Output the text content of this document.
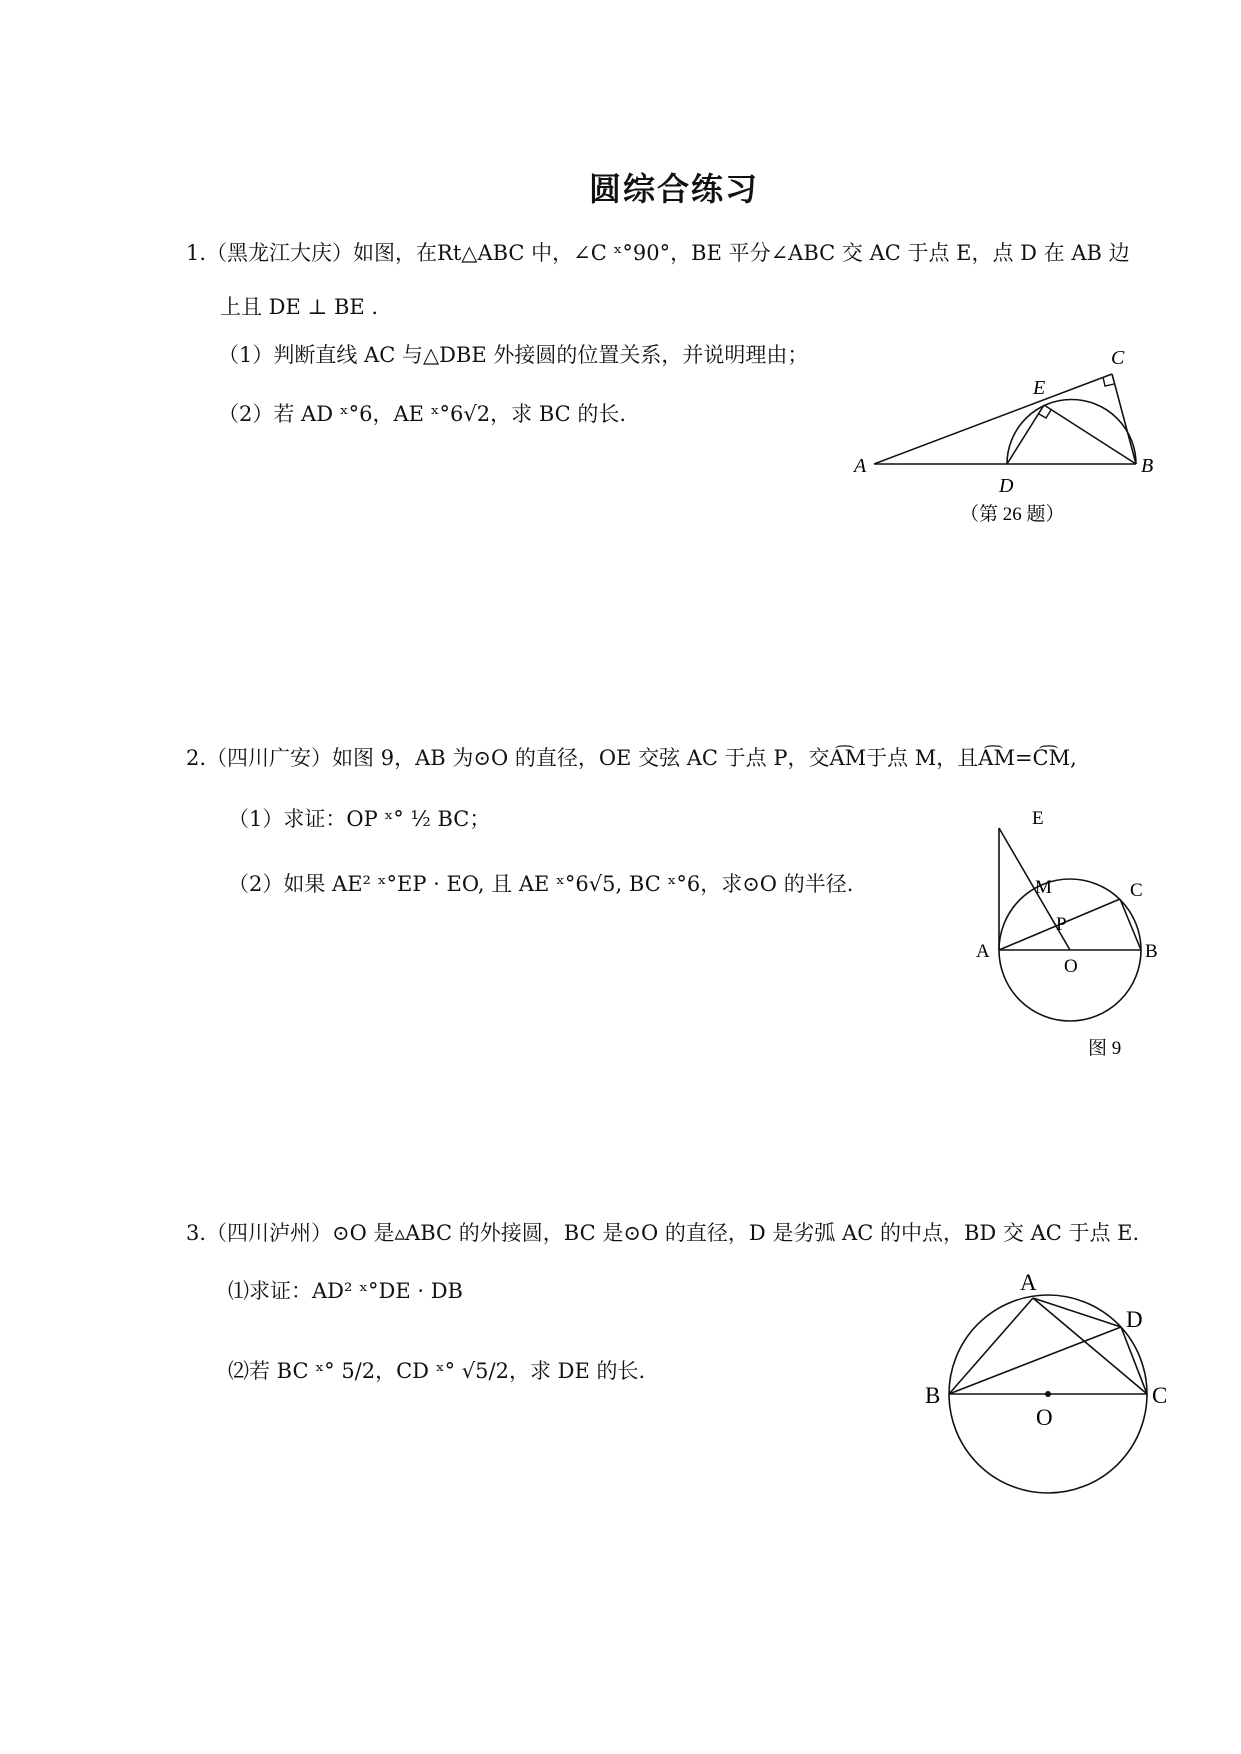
圆综合练习
1.（黑龙江大庆）如图，在Rt△ABC 中，∠C ˣ°90°，BE 平分∠ABC 交 AC 于点 E，点 D 在 AB 边
上且 DE ⊥ BE .
（1）判断直线 AC 与△DBE 外接圆的位置关系，并说明理由；
（2）若 AD ˣ°6，AE ˣ°6√2，求 BC 的长.
A	B
C
D
E
（第 26 题）
2.（四川广安）如图 9，AB 为⊙O 的直径，OE 交弦 AC 于点 P，交A͡M于点 M，且A͡M=C͡M,
（1）求证：OP ˣ° ½ BC；
（2）如果 AE² ˣ°EP · EO, 且 AE ˣ°6√5, BC ˣ°6，求⊙O 的半径.
E
M	C
P
A
O
B
图 9
3.（四川泸州）⊙O 是▵ABC 的外接圆，BC 是⊙O 的直径，D 是劣弧 AC 的中点，BD 交 AC 于点 E.
⑴求证：AD² ˣ°DE · DB
⑵若 BC ˣ° 5/2，CD ˣ° √5/2，求 DE 的长.
A
D
B
O
C
